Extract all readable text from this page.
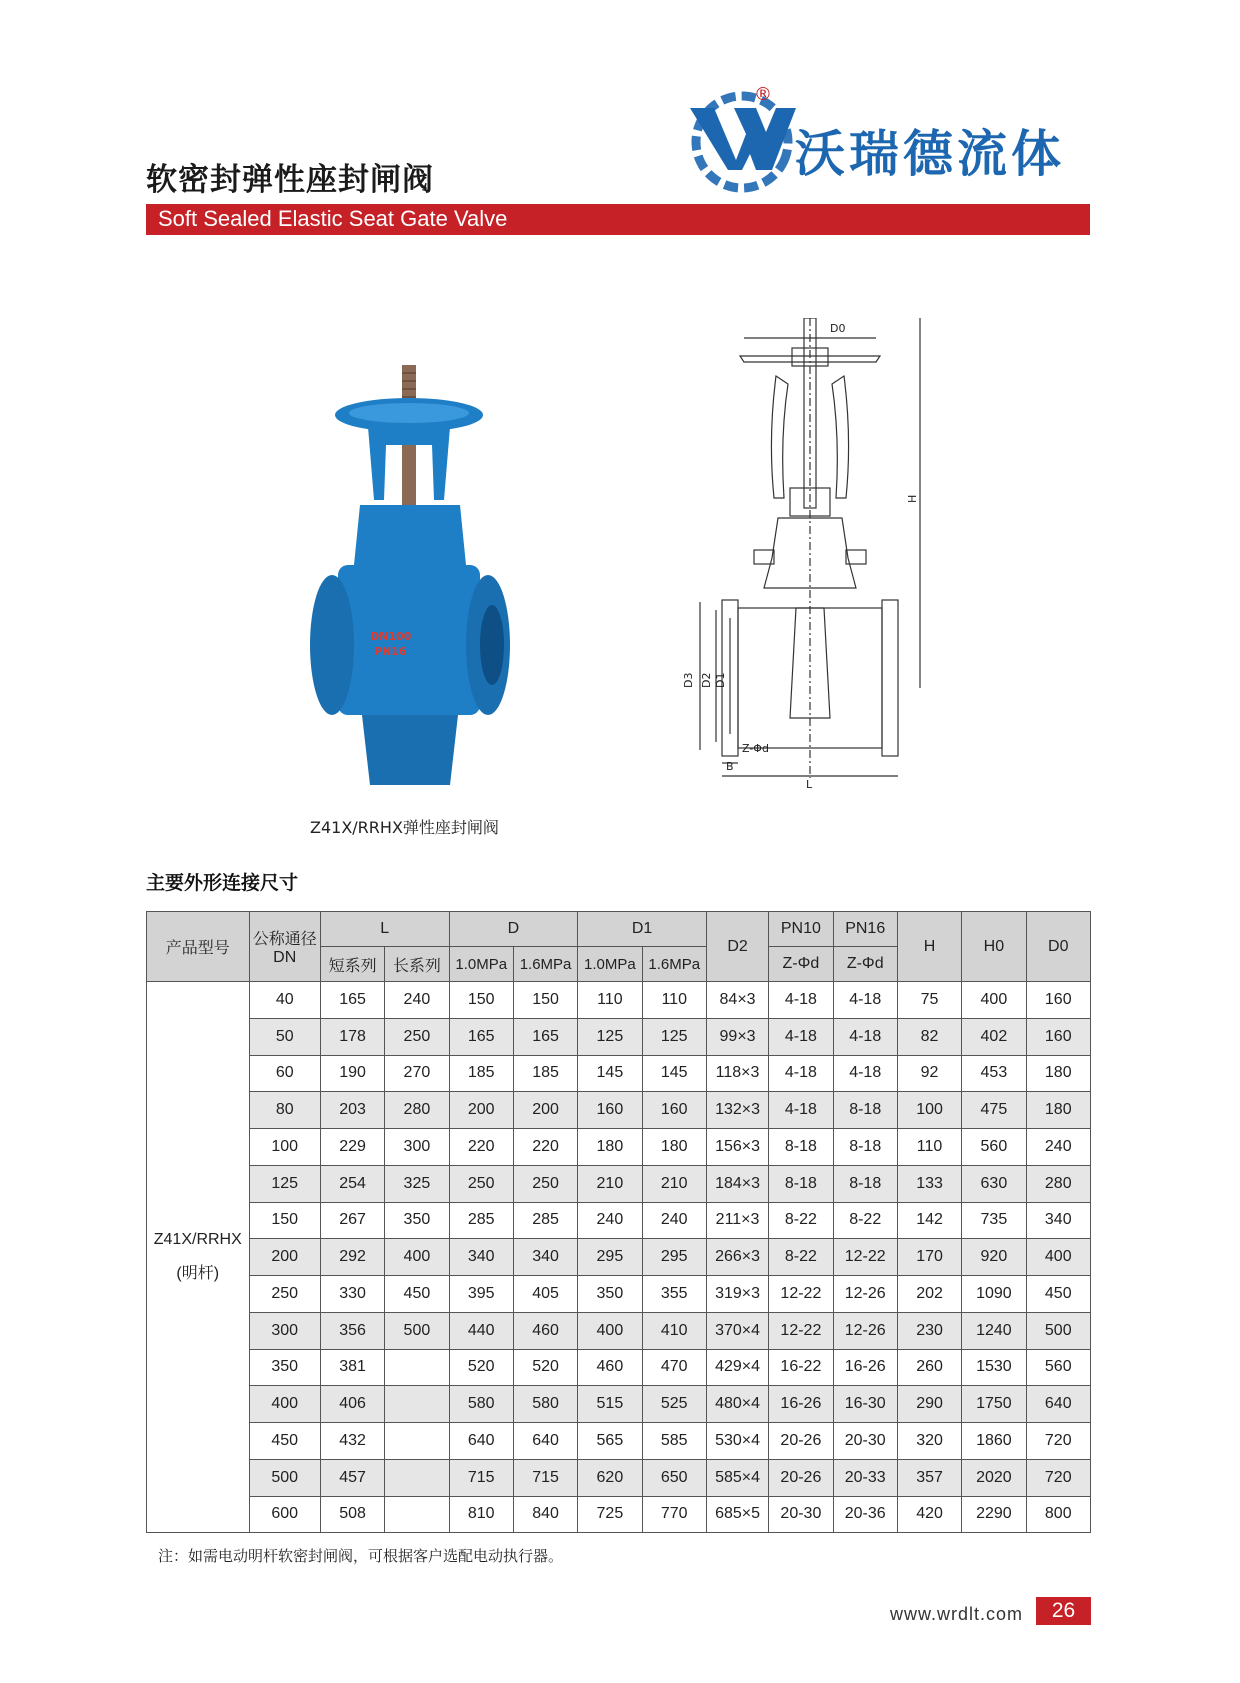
软密封弹性座封闸阀
Soft Sealed Elastic Seat Gate Valve
®
沃瑞德流体
DN100
PN16
Z41X/RRHX弹性座封闸阀
D0
H
D3 D2 D1
Z-Φd
B
L
主要外形连接尺寸
产品型号	公称通径
DN	L		D		D1		D2	PN10	PN16	H	H0	D0
		短系列	长系列	1.0MPa	1.6MPa	1.0MPa	1.6MPa		Z-Φd	Z-Φd			

Z41X/RRHX
(明杆)	40	165	240	150	150	110	110	84×3	4-18	4-18	75	400	160
	50	178	250	165	165	125	125	99×3	4-18	4-18	82	402	160
	60	190	270	185	185	145	145	118×3	4-18	4-18	92	453	180
	80	203	280	200	200	160	160	132×3	4-18	8-18	100	475	180
	100	229	300	220	220	180	180	156×3	8-18	8-18	110	560	240
	125	254	325	250	250	210	210	184×3	8-18	8-18	133	630	280
	150	267	350	285	285	240	240	211×3	8-22	8-22	142	735	340
	200	292	400	340	340	295	295	266×3	8-22	12-22	170	920	400
	250	330	450	395	405	350	355	319×3	12-22	12-26	202	1090	450
	300	356	500	440	460	400	410	370×4	12-22	12-26	230	1240	500
	350	381		520	520	460	470	429×4	16-22	16-26	260	1530	560
	400	406		580	580	515	525	480×4	16-26	16-30	290	1750	640
	450	432		640	640	565	585	530×4	20-26	20-30	320	1860	720
	500	457		715	715	620	650	585×4	20-26	20-33	357	2020	720
	600	508		810	840	725	770	685×5	20-30	20-36	420	2290	800
注：如需电动明杆软密封闸阀，可根据客户选配电动执行器。
www.wrdlt.com	26
